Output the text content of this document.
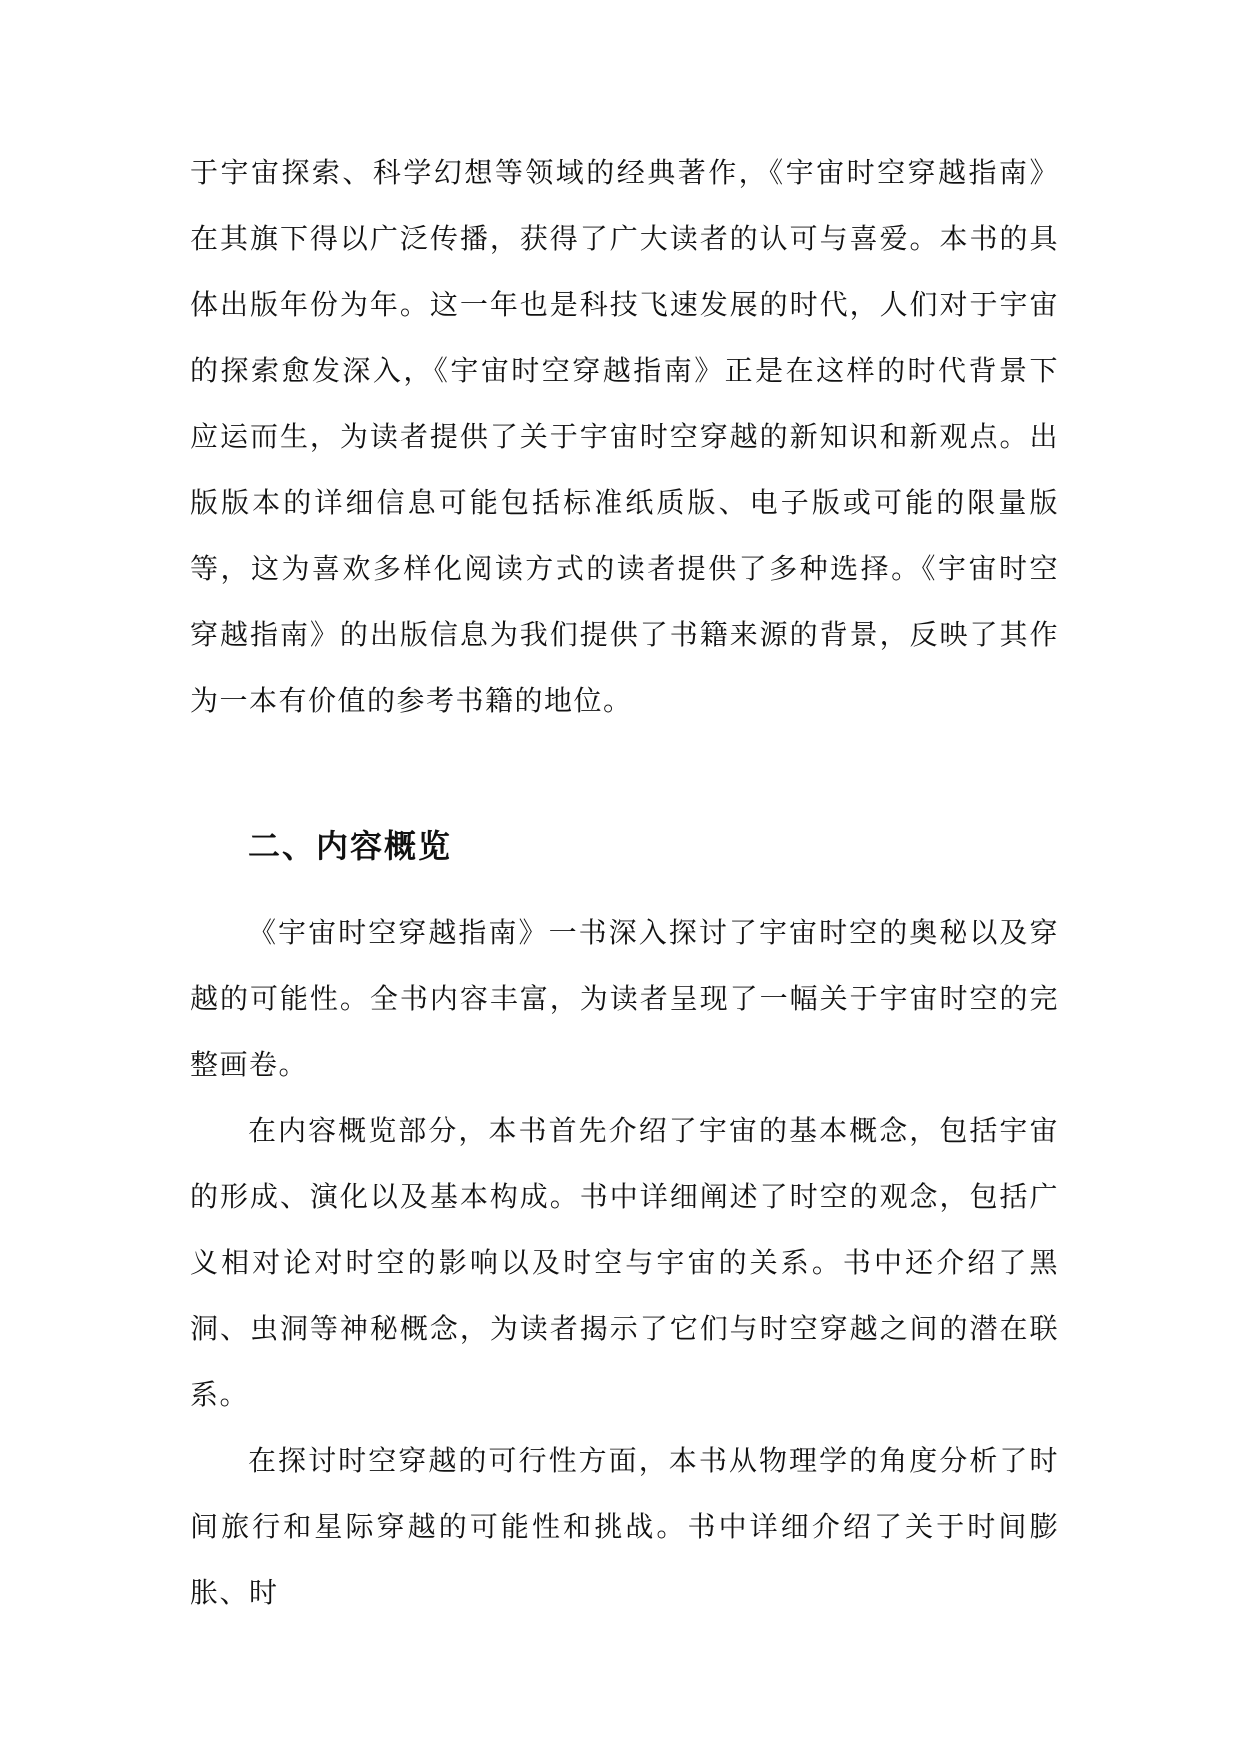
于宇宙探索、科学幻想等领域的经典著作，《宇宙时空穿越指南》在其旗下得以广泛传播，获得了广大读者的认可与喜爱。本书的具体出版年份为年。这一年也是科技飞速发展的时代，人们对于宇宙的探索愈发深入，《宇宙时空穿越指南》正是在这样的时代背景下应运而生，为读者提供了关于宇宙时空穿越的新知识和新观点。出版版本的详细信息可能包括标准纸质版、电子版或可能的限量版等，这为喜欢多样化阅读方式的读者提供了多种选择。《宇宙时空穿越指南》的出版信息为我们提供了书籍来源的背景，反映了其作为一本有价值的参考书籍的地位。

二、内容概览

《宇宙时空穿越指南》一书深入探讨了宇宙时空的奥秘以及穿越的可能性。全书内容丰富，为读者呈现了一幅关于宇宙时空的完整画卷。

在内容概览部分，本书首先介绍了宇宙的基本概念，包括宇宙的形成、演化以及基本构成。书中详细阐述了时空的观念，包括广义相对论对时空的影响以及时空与宇宙的关系。书中还介绍了黑洞、虫洞等神秘概念，为读者揭示了它们与时空穿越之间的潜在联系。

在探讨时空穿越的可行性方面，本书从物理学的角度分析了时间旅行和星际穿越的可能性和挑战。书中详细介绍了关于时间膨胀、时
